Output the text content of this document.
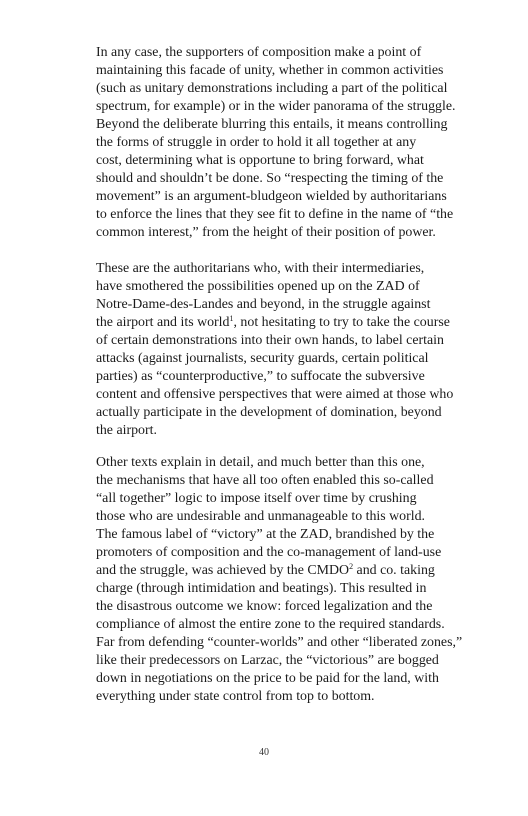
In any case, the supporters of composition make a point of
maintaining this facade of unity, whether in common activities
(such as unitary demonstrations including a part of the political
spectrum, for example) or in the wider panorama of the struggle.
Beyond the deliberate blurring this entails, it means controlling
the forms of struggle in order to hold it all together at any
cost, determining what is opportune to bring forward, what
should and shouldn’t be done. So “respecting the timing of the
movement” is an argument-bludgeon wielded by authoritarians
to enforce the lines that they see fit to define in the name of “the
common interest,” from the height of their position of power.
These are the authoritarians who, with their intermediaries,
have smothered the possibilities opened up on the ZAD of
Notre-Dame-des-Landes and beyond, in the struggle against
the airport and its world$^1$, not hesitating to try to take the course
of certain demonstrations into their own hands, to label certain
attacks (against journalists, security guards, certain political
parties) as “counterproductive,” to suffocate the subversive
content and offensive perspectives that were aimed at those who
actually participate in the development of domination, beyond
the airport.
Other texts explain in detail, and much better than this one,
the mechanisms that have all too often enabled this so-called
“all together” logic to impose itself over time by crushing
those who are undesirable and unmanageable to this world.
The famous label of “victory” at the ZAD, brandished by the
promoters of composition and the co-management of land-use
and the struggle, was achieved by the CMDO$^2$ and co. taking
charge (through intimidation and beatings). This resulted in
the disastrous outcome we know: forced legalization and the
compliance of almost the entire zone to the required standards.
Far from defending “counter-worlds” and other “liberated zones,”
like their predecessors on Larzac, the “victorious” are bogged
down in negotiations on the price to be paid for the land, with
everything under state control from top to bottom.
40
